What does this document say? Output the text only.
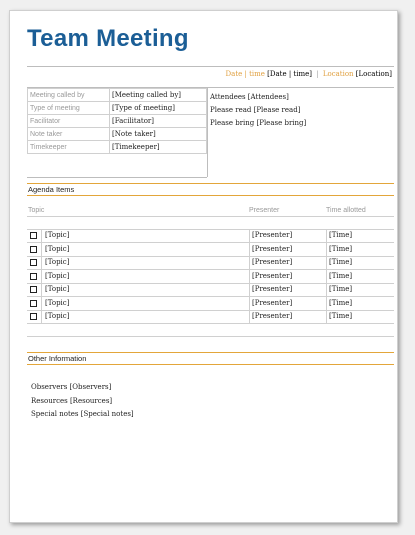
Team Meeting
Date | time [Date | time] | Location [Location]
Meeting called by	[Meeting called by]
Type of meeting	[Type of meeting]
Facilitator	[Facilitator]
Note taker	[Note taker]
Timekeeper	[Timekeeper]
Attendees [Attendees]
Please read [Please read]
Please bring [Please bring]
Agenda Items
Topic	Presenter	Time allotted
[Topic]	[Presenter]	[Time]
[Topic]	[Presenter]	[Time]
[Topic]	[Presenter]	[Time]
[Topic]	[Presenter]	[Time]
[Topic]	[Presenter]	[Time]
[Topic]	[Presenter]	[Time]
[Topic]	[Presenter]	[Time]
Other Information
Observers [Observers]
Resources [Resources]
Special notes [Special notes]
